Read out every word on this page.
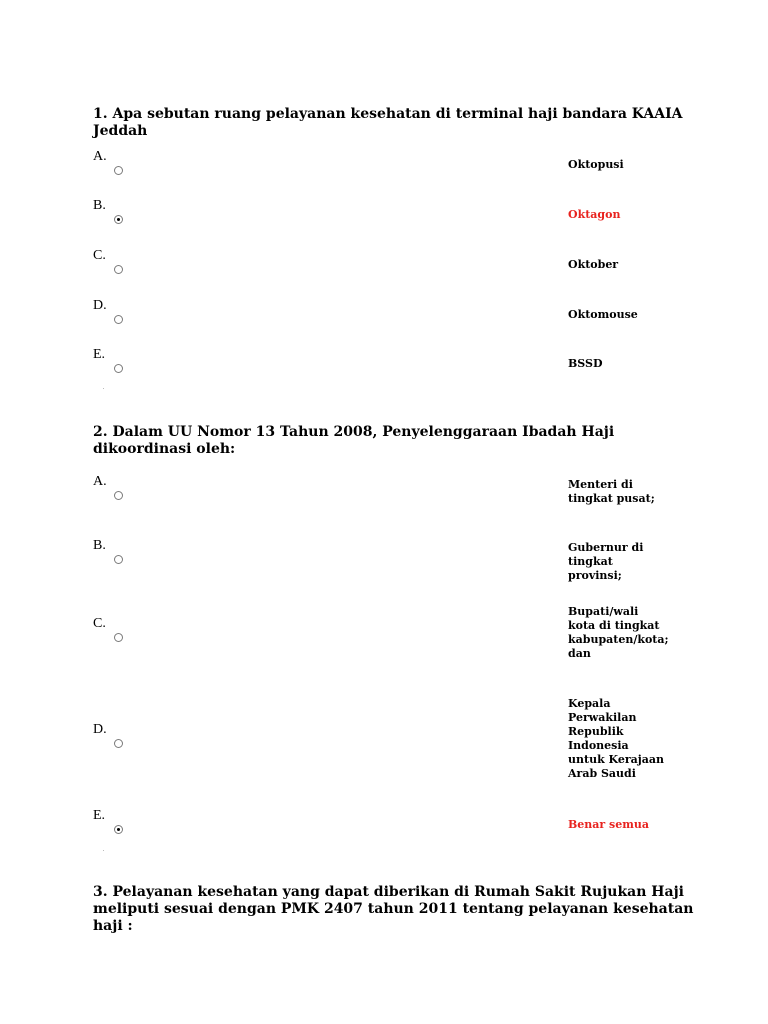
1. Apa sebutan ruang pelayanan kesehatan di terminal haji bandara KAAIA Jeddah
A.
Oktopusi
B.
Oktagon
C.
Oktober
D.
Oktomouse
E.
BSSD
2. Dalam UU Nomor 13 Tahun 2008, Penyelenggaraan Ibadah Haji dikoordinasi oleh:
A.	Menteri di tingkat pusat;
B.	Gubernur di tingkat provinsi;
C.
Bupati/wali kota di tingkat kabupaten/kota; dan
D.
Kepala Perwakilan Republik Indonesia untuk Kerajaan Arab Saudi
E.
Benar semua
3. Pelayanan kesehatan yang dapat diberikan di Rumah Sakit Rujukan Haji meliputi sesuai dengan PMK 2407 tahun 2011 tentang pelayanan kesehatan haji :
